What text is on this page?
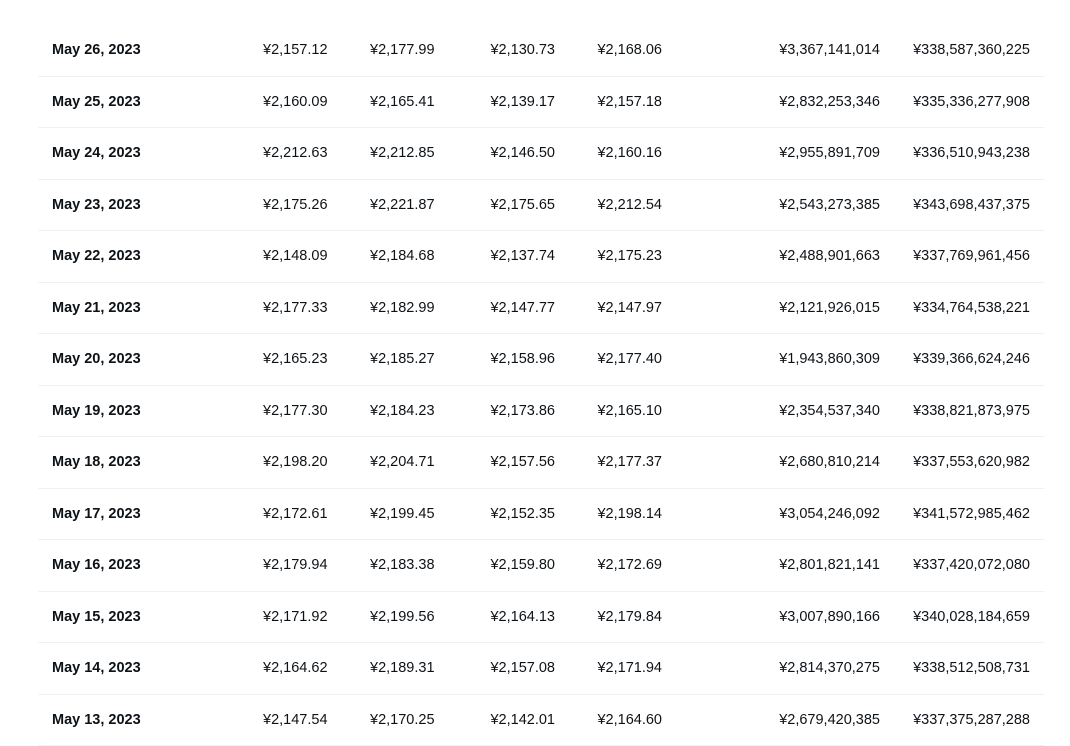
May 26, 2023	¥2,157.12	¥2,177.99	¥2,130.73	¥2,168.06	¥3,367,141,014 ¥338,587,360,225
May 25, 2023	¥2,160.09	¥2,165.41	¥2,139.17	¥2,157.18	¥2,832,253,346 ¥335,336,277,908
May 24, 2023	¥2,212.63	¥2,212.85	¥2,146.50	¥2,160.16	¥2,955,891,709 ¥336,510,943,238
May 23, 2023	¥2,175.26	¥2,221.87	¥2,175.65	¥2,212.54	¥2,543,273,385 ¥343,698,437,375
May 22, 2023	¥2,148.09	¥2,184.68	¥2,137.74	¥2,175.23	¥2,488,901,663 ¥337,769,961,456
May 21, 2023	¥2,177.33	¥2,182.99	¥2,147.77	¥2,147.97	¥2,121,926,015 ¥334,764,538,221
May 20, 2023	¥2,165.23	¥2,185.27	¥2,158.96	¥2,177.40	¥1,943,860,309 ¥339,366,624,246
May 19, 2023	¥2,177.30	¥2,184.23	¥2,173.86	¥2,165.10	¥2,354,537,340 ¥338,821,873,975
May 18, 2023	¥2,198.20	¥2,204.71	¥2,157.56	¥2,177.37	¥2,680,810,214 ¥337,553,620,982
May 17, 2023	¥2,172.61	¥2,199.45	¥2,152.35	¥2,198.14	¥3,054,246,092 ¥341,572,985,462
May 16, 2023	¥2,179.94	¥2,183.38	¥2,159.80	¥2,172.69	¥2,801,821,141 ¥337,420,072,080
May 15, 2023	¥2,171.92	¥2,199.56	¥2,164.13	¥2,179.84	¥3,007,890,166 ¥340,028,184,659
May 14, 2023	¥2,164.62	¥2,189.31	¥2,157.08	¥2,171.94	¥2,814,370,275 ¥338,512,508,731
May 13, 2023	¥2,147.54	¥2,170.25	¥2,142.01	¥2,164.60	¥2,679,420,385 ¥337,375,287,288
